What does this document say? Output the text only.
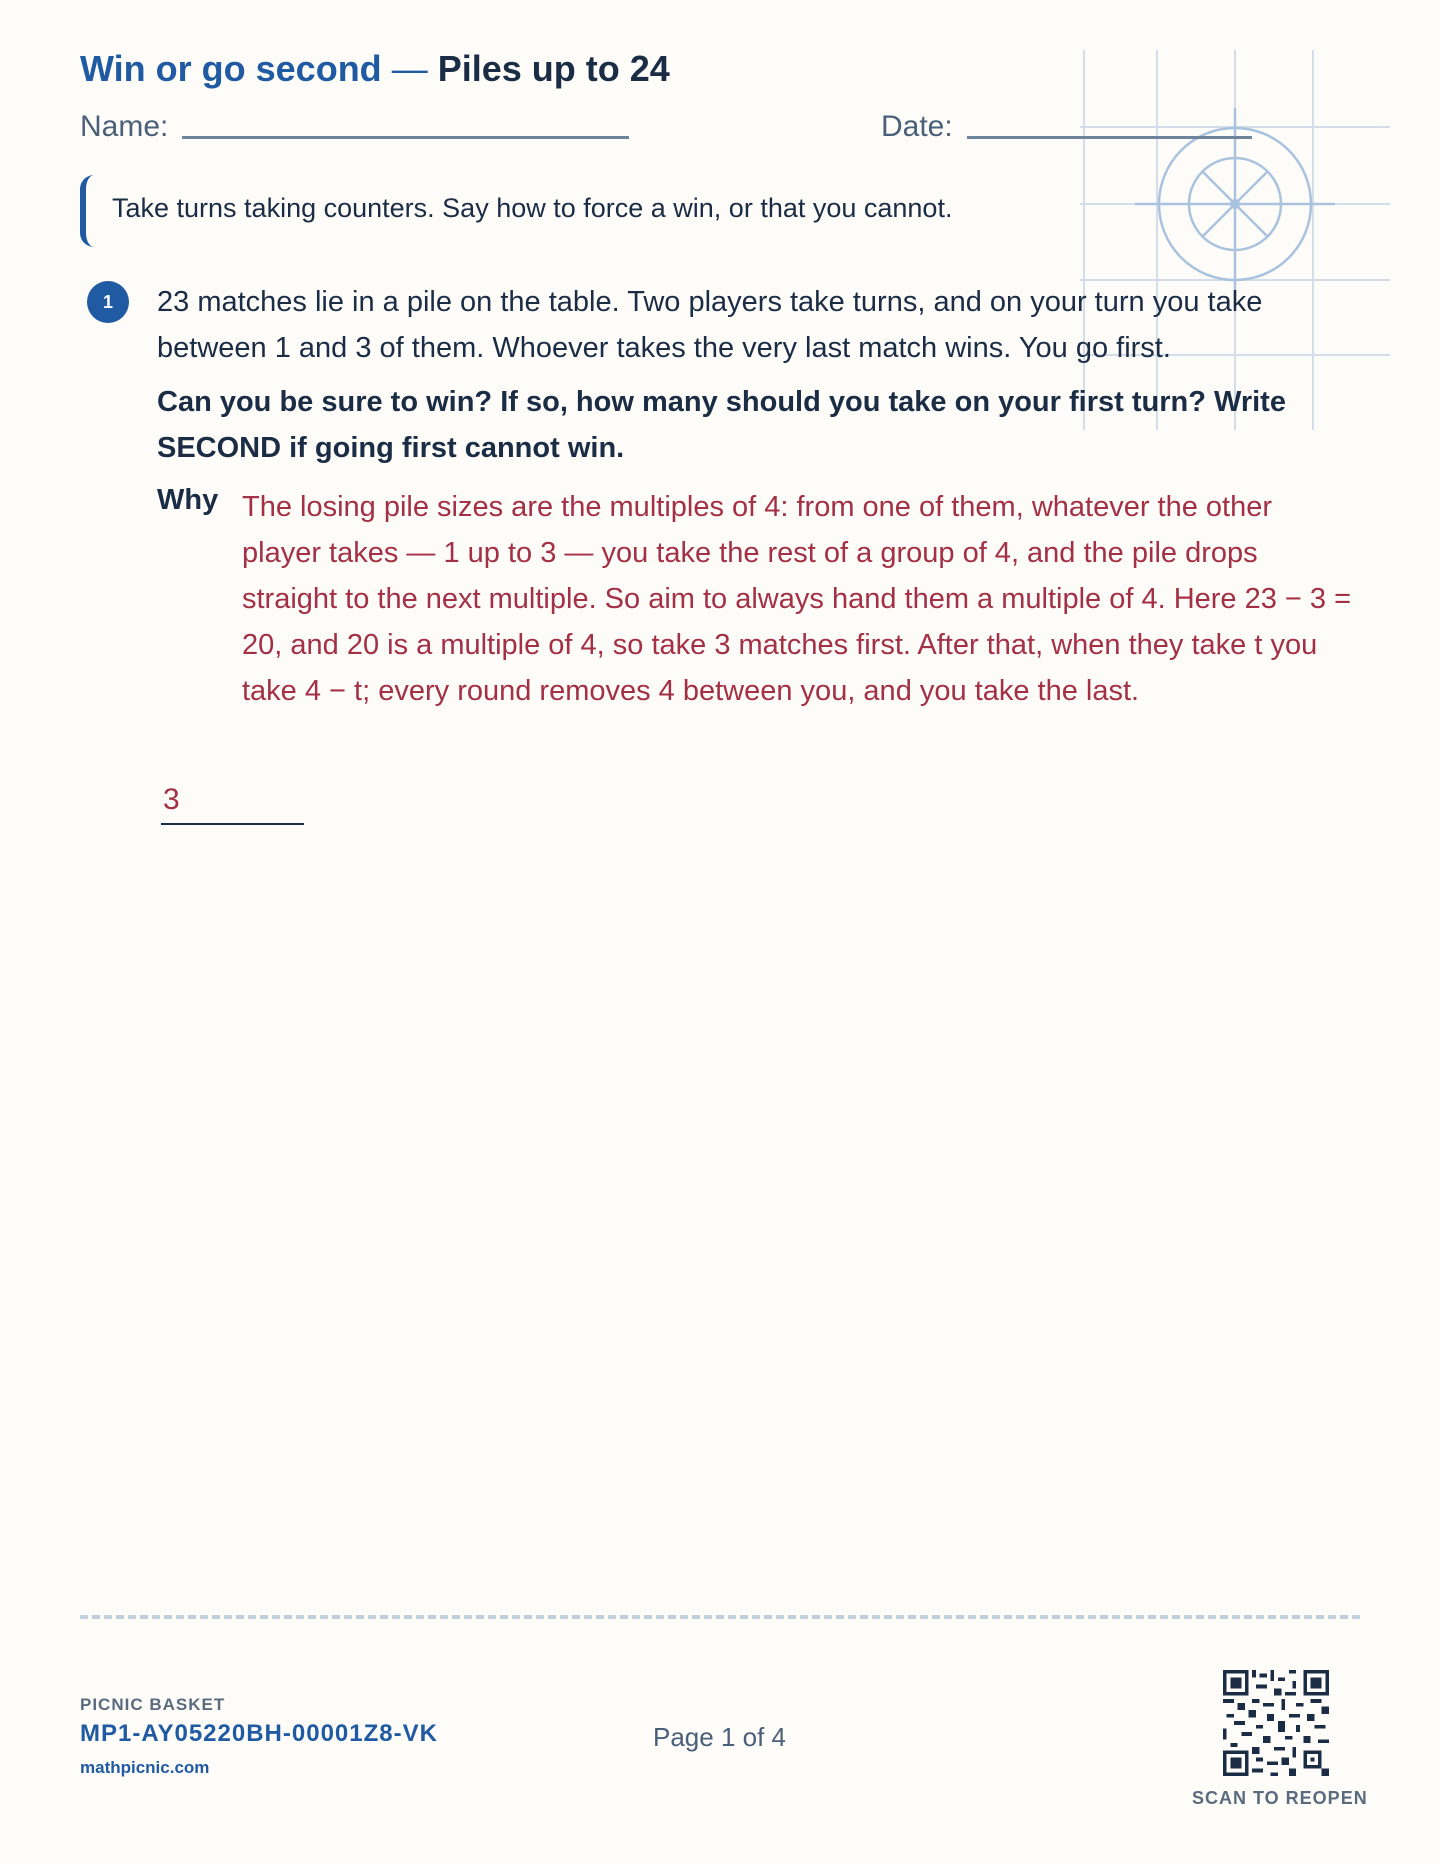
Win or go second — Piles up to 24
Name:	Date:
Take turns taking counters. Say how to force a win, or that you cannot.
1	23 matches lie in a pile on the table. Two players take turns, and on your turn you take between 1 and 3 of them. Whoever takes the very last match wins. You go first.

Can you be sure to win? If so, how many should you take on your first turn? Write SECOND if going first cannot win.

Why The losing pile sizes are the multiples of 4: from one of them, whatever the other player takes — 1 up to 3 — you take the rest of a group of 4, and the pile drops straight to the next multiple. So aim to always hand them a multiple of 4. Here 23 − 3 = 20, and 20 is a multiple of 4, so take 3 matches first. After that, when they take t you take 4 − t; every round removes 4 between you, and you take the last.

3
PICNIC BASKET
MP1-AY05220BH-00001Z8-VK
mathpicnic.com
Page 1 of 4
SCAN TO REOPEN
